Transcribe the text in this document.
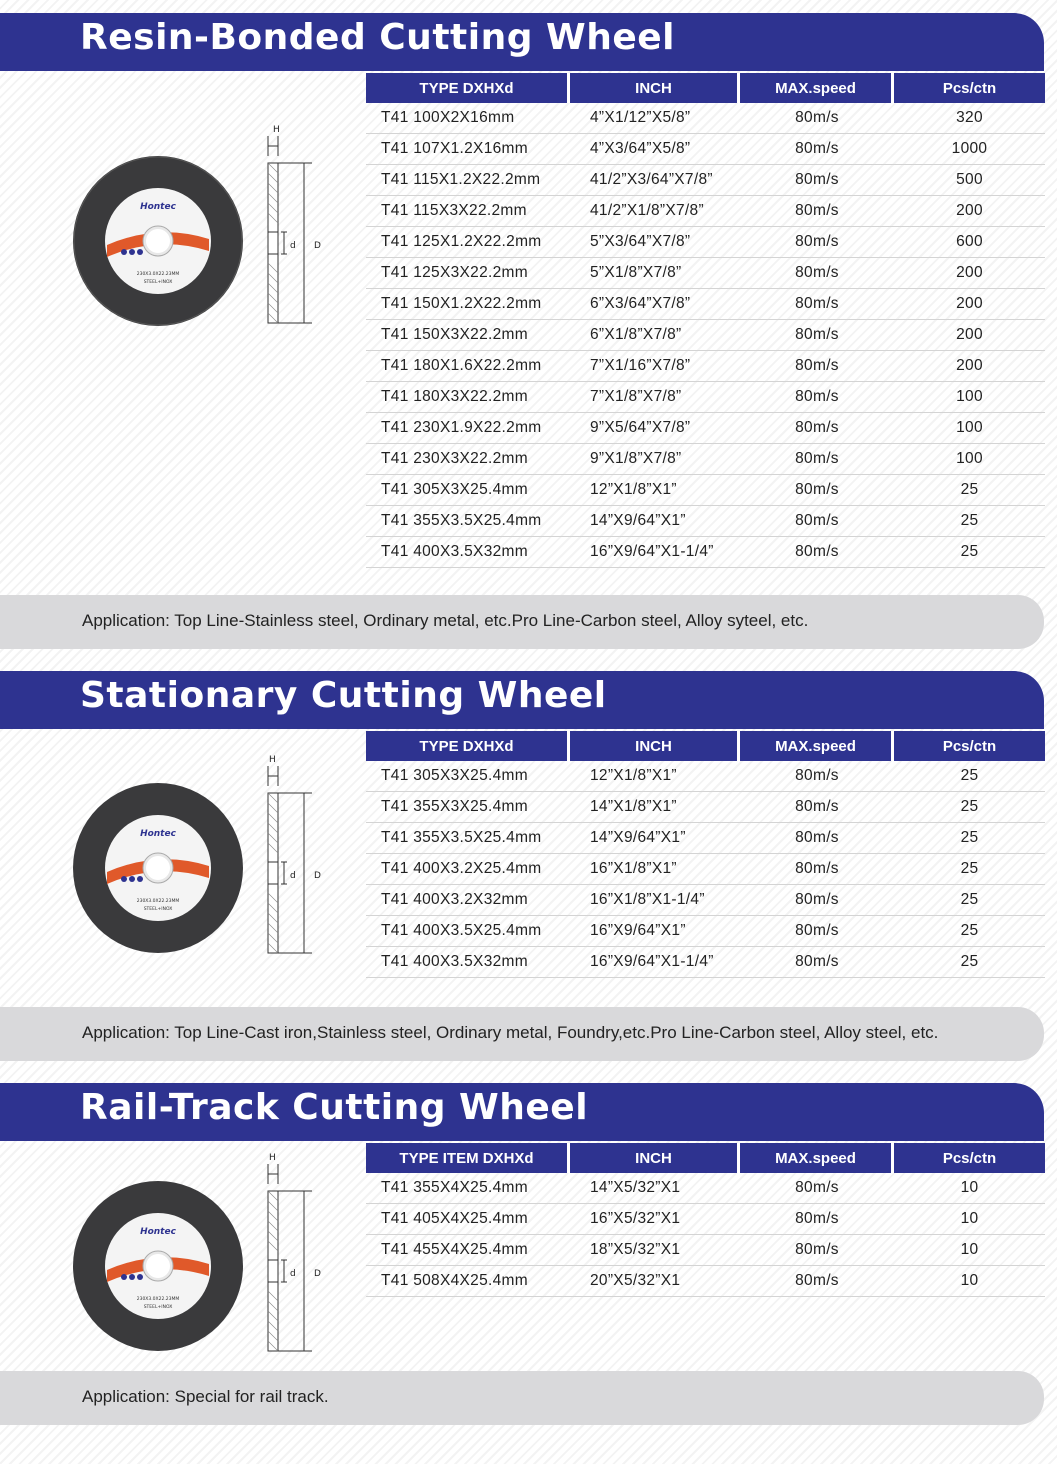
Resin-Bonded Cutting Wheel
Hontec
230X3.0X22.23MM
STEEL+INOX
H
d D
TYPE DXHXd	INCH	MAX.speed	Pcs/ctn
T41 100X2X16mm	4”X1/12”X5/8”	80m/s	320
T41 107X1.2X16mm	4”X3/64”X5/8”	80m/s	1000
T41 115X1.2X22.2mm	41/2”X3/64”X7/8”	80m/s	500
T41 115X3X22.2mm	41/2”X1/8”X7/8”	80m/s	200
T41 125X1.2X22.2mm	5”X3/64”X7/8”	80m/s	600
T41 125X3X22.2mm	5”X1/8”X7/8”	80m/s	200
T41 150X1.2X22.2mm	6”X3/64”X7/8”	80m/s	200
T41 150X3X22.2mm	6”X1/8”X7/8”	80m/s	200
T41 180X1.6X22.2mm	7”X1/16”X7/8”	80m/s	200
T41 180X3X22.2mm	7”X1/8”X7/8”	80m/s	100
T41 230X1.9X22.2mm	9”X5/64”X7/8”	80m/s	100
T41 230X3X22.2mm	9”X1/8”X7/8”	80m/s	100
T41 305X3X25.4mm	12”X1/8”X1”	80m/s	25
T41 355X3.5X25.4mm	14”X9/64”X1”	80m/s	25
T41 400X3.5X32mm	16”X9/64”X1-1/4”	80m/s	25
Application: Top Line-Stainless steel, Ordinary metal, etc.Pro Line-Carbon steel, Alloy syteel, etc.
Stationary Cutting Wheel
Hontec
230X3.0X22.23MM
STEEL+INOX
H
d D
TYPE DXHXd	INCH	MAX.speed	Pcs/ctn
T41 305X3X25.4mm	12”X1/8”X1”	80m/s	25
T41 355X3X25.4mm	14”X1/8”X1”	80m/s	25
T41 355X3.5X25.4mm	14”X9/64”X1”	80m/s	25
T41 400X3.2X25.4mm	16”X1/8”X1”	80m/s	25
T41 400X3.2X32mm	16”X1/8”X1-1/4”	80m/s	25
T41 400X3.5X25.4mm	16”X9/64”X1”	80m/s	25
T41 400X3.5X32mm	16”X9/64”X1-1/4”	80m/s	25
Application: Top Line-Cast iron,Stainless steel, Ordinary metal, Foundry,etc.Pro Line-Carbon steel, Alloy steel, etc.
Rail-Track Cutting Wheel
Hontec
230X3.0X22.23MM
STEEL+INOX
H
d D
TYPE ITEM DXHXd	INCH	MAX.speed	Pcs/ctn
T41 355X4X25.4mm	14”X5/32”X1	80m/s	10
T41 405X4X25.4mm	16”X5/32”X1	80m/s	10
T41 455X4X25.4mm	18”X5/32”X1	80m/s	10
T41 508X4X25.4mm	20”X5/32”X1	80m/s	10
Application: Special for rail track.
